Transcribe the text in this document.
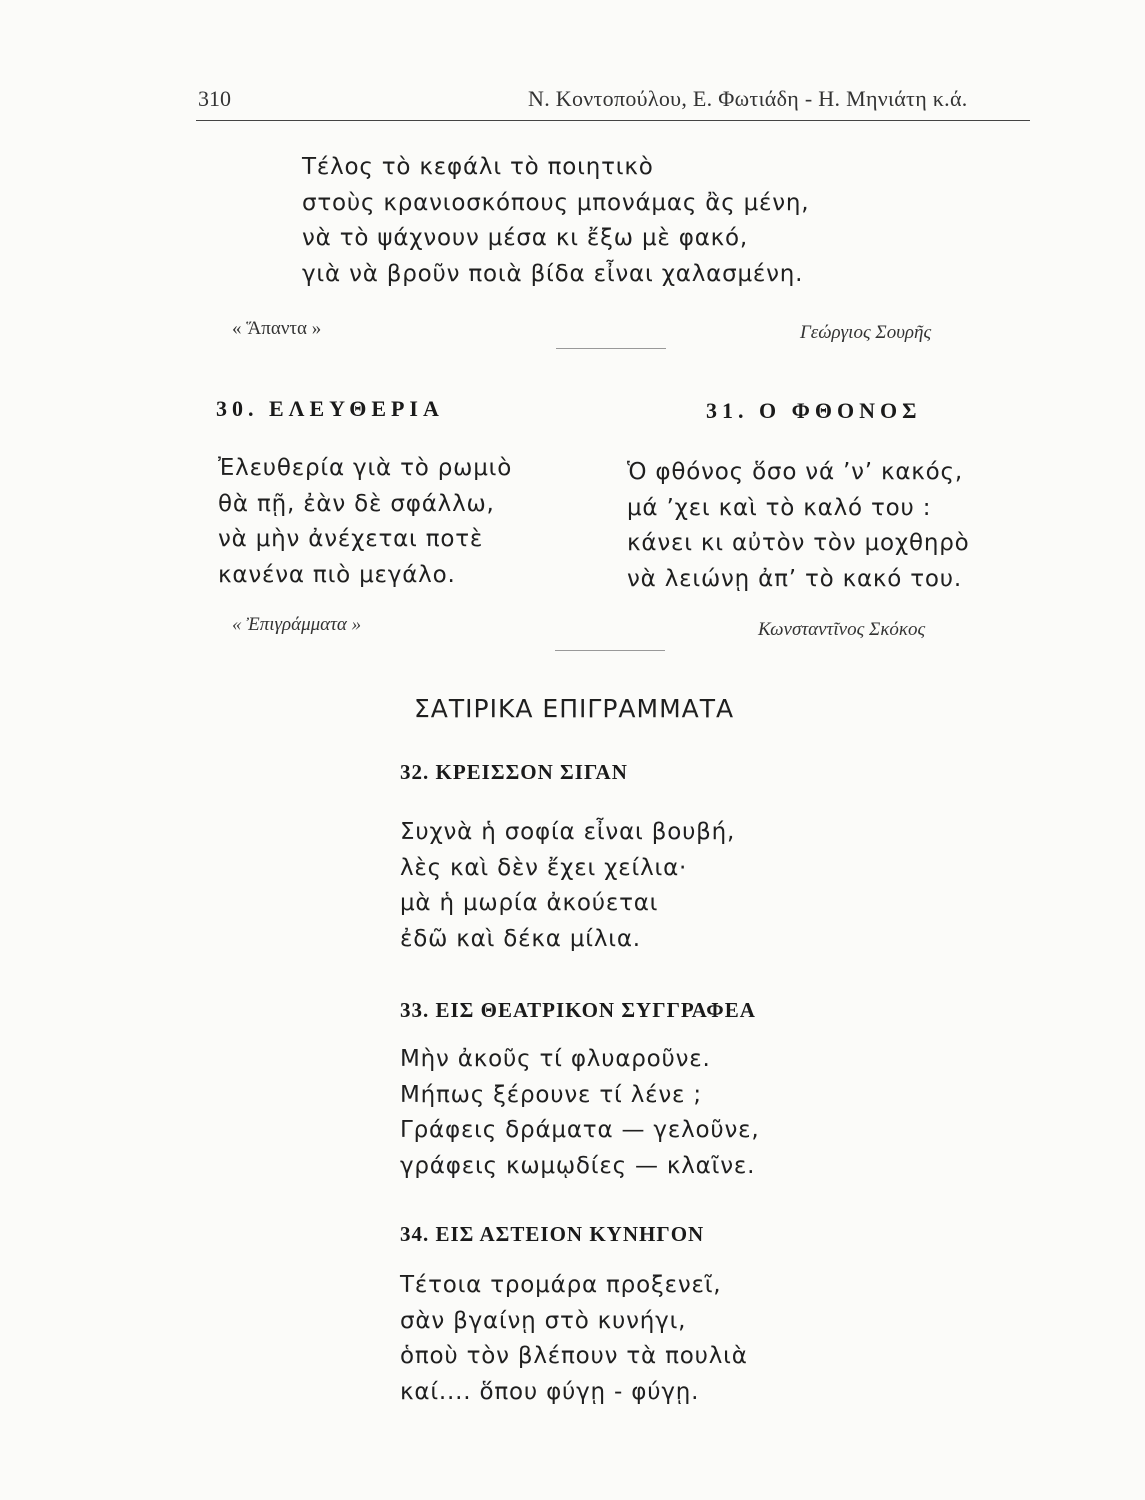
310	Ν. Κοντοπούλου, Ε. Φωτιάδη - Η. Μηνιάτη κ.ά.
Τέλος τὸ κεφάλι τὸ ποιητικὸ
στοὺς κρανιοσκόπους μπονάμας ἂς μένη,
νὰ τὸ ψάχνουν μέσα κι ἔξω μὲ φακό,
γιὰ νὰ βροῦν ποιὰ βίδα εἶναι χαλασμένη.
« Ἅπαντα »	Γεώργιος Σουρῆς
30. ΕΛΕΥΘΕΡΙΑ
Ἐλευθερία γιὰ τὸ ρωμιὸ
θὰ πῇ, ἐὰν δὲ σφάλλω,
νὰ μὴν ἀνέχεται ποτὲ
κανένα πιὸ μεγάλο.
« Ἐπιγράμματα »
31. Ο ΦΘΟΝΟΣ
Ὁ φθόνος ὅσο νά ’ν’ κακός,
μά ’χει καὶ τὸ καλό του :
κάνει κι αὐτὸν τὸν μοχθηρὸ
νὰ λειώνῃ ἀπ’ τὸ κακό του.
Κωνσταντῖνος Σκόκος
ΣΑΤΙΡΙΚΑ ΕΠΙΓΡΑΜΜΑΤΑ
32. ΚΡΕΙΣΣΟΝ ΣΙΓΑΝ
Συχνὰ ἡ σοφία εἶναι βουβή,
λὲς καὶ δὲν ἔχει χείλια·
μὰ ἡ μωρία ἀκούεται
ἐδῶ καὶ δέκα μίλια.
33. ΕΙΣ ΘΕΑΤΡΙΚΟΝ ΣΥΓΓΡΑΦΕΑ
Μὴν ἀκοῦς τί φλυαροῦνε.
Μήπως ξέρουνε τί λένε ;
Γράφεις δράματα — γελοῦνε,
γράφεις κωμῳδίες — κλαῖνε.
34. ΕΙΣ ΑΣΤΕΙΟΝ ΚΥΝΗΓΟΝ
Τέτοια τρομάρα προξενεῖ,
σὰν βγαίνῃ στὸ κυνήγι,
ὁποὺ τὸν βλέπουν τὰ πουλιὰ
καί.... ὅπου φύγῃ - φύγῃ.
